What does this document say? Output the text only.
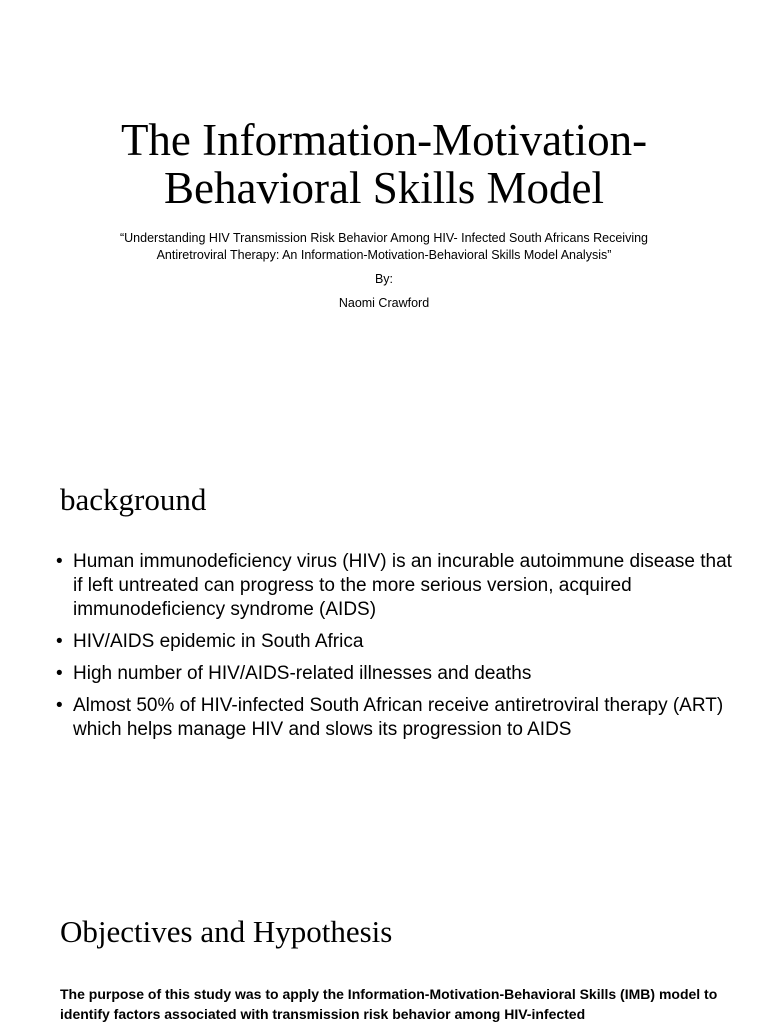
The Information-Motivation-
Behavioral Skills Model

“Understanding HIV Transmission Risk Behavior Among HIV- Infected South Africans Receiving Antiretroviral Therapy: An Information-Motivation-Behavioral Skills Model Analysis”

By:

Naomi Crawford

background
• Human immunodeficiency virus (HIV) is an incurable autoimmune disease that if left untreated can progress to the more serious version, acquired immunodeficiency syndrome (AIDS)
• HIV/AIDS epidemic in South Africa
• High number of HIV/AIDS-related illnesses and deaths
• Almost 50% of HIV-infected South African receive antiretroviral therapy (ART) which helps manage HIV and slows its progression to AIDS
Objectives and Hypothesis

The purpose of this study was to apply the Information-Motivation-Behavioral Skills (IMB) model to identify factors associated with transmission risk behavior among HIV-infected
